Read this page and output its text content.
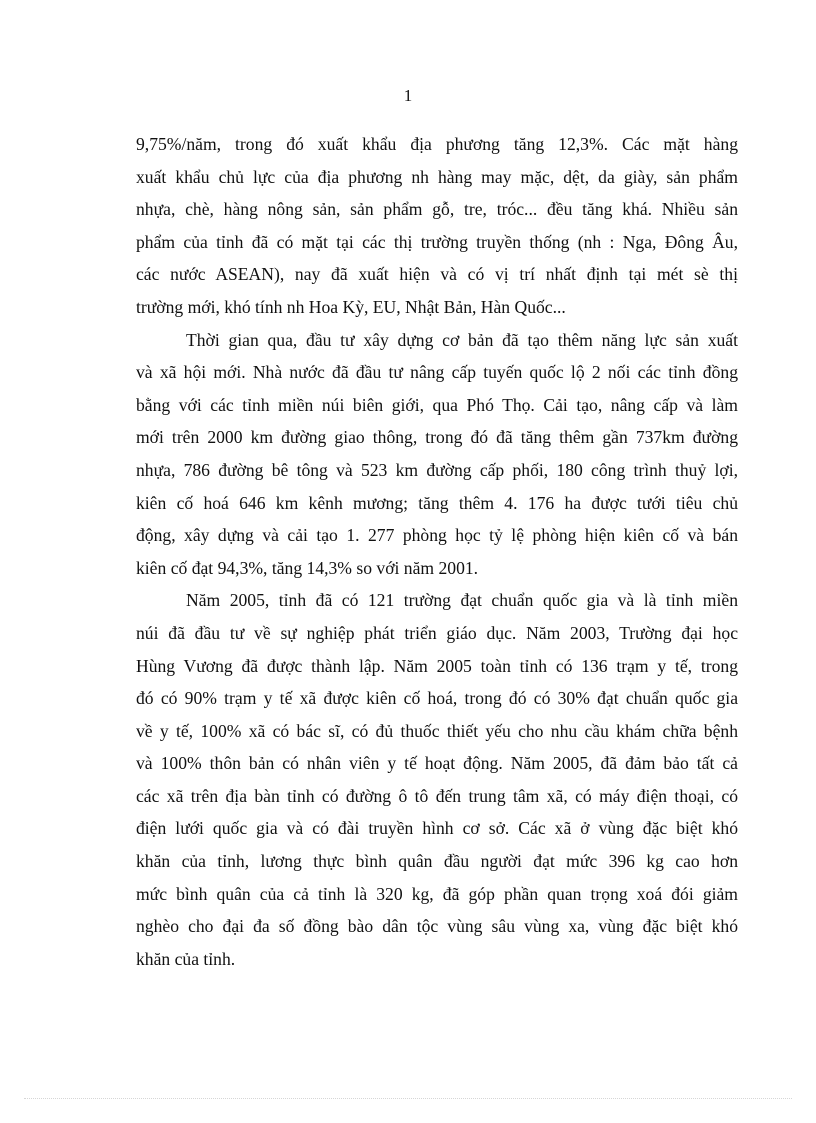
1

9,75%/năm, trong đó xuất khẩu địa phương tăng 12,3%. Các mặt hàng
xuất khẩu chủ lực của địa phương nh hàng may mặc, dệt, da giày, sản phẩm
nhựa, chè, hàng nông sản, sản phẩm gỗ, tre, tróc... đều tăng khá. Nhiều sản
phẩm của tỉnh đã có mặt tại các thị trường truyền thống (nh : Nga, Đông Âu,
các nước ASEAN), nay đã xuất hiện và có vị trí nhất định tại mét sè thị
trường mới, khó tính nh Hoa Kỳ, EU, Nhật Bản, Hàn Quốc...

Thời gian qua, đầu tư xây dựng cơ bản đã tạo thêm năng lực sản xuất
và xã hội mới. Nhà nước đã đầu tư nâng cấp tuyến quốc lộ 2 nối các tỉnh đồng
bằng với các tỉnh miền núi biên giới, qua Phó Thọ. Cải tạo, nâng cấp và làm
mới trên 2000 km đường giao thông, trong đó đã tăng thêm gần 737km đường
nhựa, 786 đường bê tông và 523 km đường cấp phối, 180 công trình thuỷ lợi,
kiên cố hoá 646 km kênh mương; tăng thêm 4. 176 ha được tưới tiêu chủ
động, xây dựng và cải tạo 1. 277 phòng học tỷ lệ phòng hiện kiên cố và bán
kiên cố đạt 94,3%, tăng 14,3% so với năm 2001.

Năm 2005, tỉnh đã có 121 trường đạt chuẩn quốc gia và là tỉnh miền
núi đã đầu tư về sự nghiệp phát triển giáo dục. Năm 2003, Trường đại học
Hùng Vương đã được thành lập. Năm 2005 toàn tỉnh có 136 trạm y tế, trong
đó có 90% trạm y tế xã được kiên cố hoá, trong đó có 30% đạt chuẩn quốc gia
về y tế, 100% xã có bác sĩ, có đủ thuốc thiết yếu cho nhu cầu khám chữa bệnh
và 100% thôn bản có nhân viên y tế hoạt động. Năm 2005, đã đảm bảo tất cả
các xã trên địa bàn tỉnh có đường ô tô đến trung tâm xã, có máy điện thoại, có
điện lưới quốc gia và có đài truyền hình cơ sở. Các xã ở vùng đặc biệt khó
khăn của tỉnh, lương thực bình quân đầu người đạt mức 396 kg cao hơn
mức bình quân của cả tỉnh là 320 kg, đã góp phần quan trọng xoá đói giảm
nghèo cho đại đa số đồng bào dân tộc vùng sâu vùng xa, vùng đặc biệt khó
khăn của tỉnh.
